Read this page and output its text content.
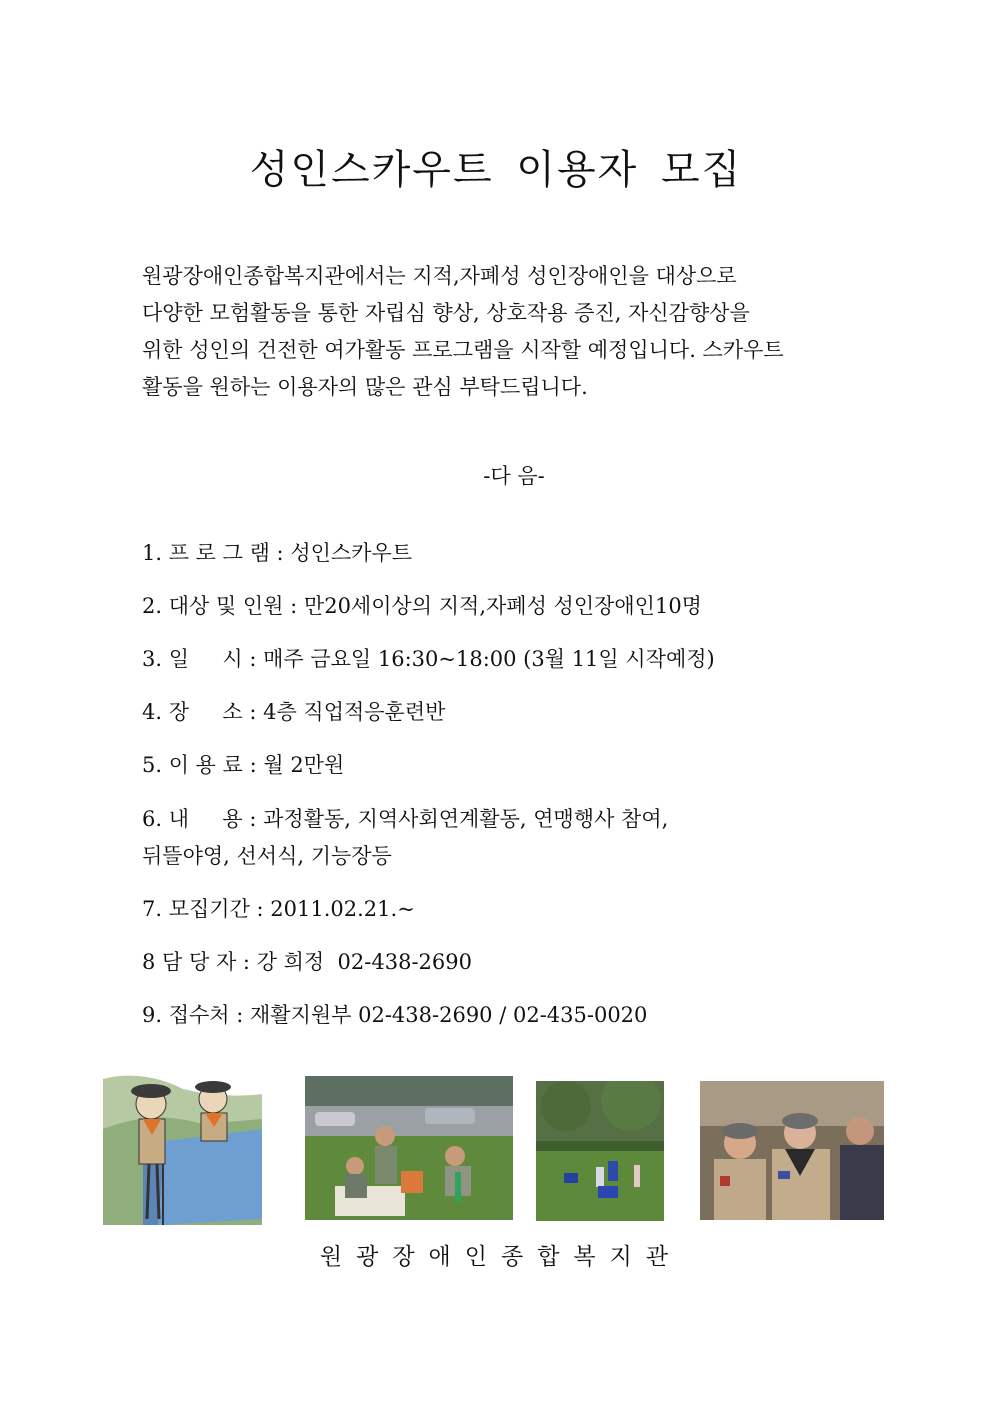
성인스카우트 이용자 모집
원광장애인종합복지관에서는 지적,자폐성 성인장애인을 대상으로
다양한 모험활동을 통한 자립심 향상, 상호작용 증진, 자신감향상을
위한 성인의 건전한 여가활동 프로그램을 시작할 예정입니다. 스카우트
활동을 원하는 이용자의 많은 관심 부탁드립니다.
-다 음-
1. 프 로 그 램 : 성인스카우트
2. 대상 및 인원 : 만20세이상의 지적,자폐성 성인장애인10명
3. 일     시 : 매주 금요일 16:30~18:00 (3월 11일 시작예정)
4. 장     소 : 4층 직업적응훈련반
5. 이 용 료 : 월 2만원
6. 내     용 : 과정활동, 지역사회연계활동, 연맹행사 참여,
뒤뜰야영, 선서식, 기능장등
7. 모집기간 : 2011.02.21.~
8 담 당 자 : 강 희정  02-438-2690
9. 접수처 : 재활지원부 02-438-2690 / 02-435-0020
원광장애인종합복지관
